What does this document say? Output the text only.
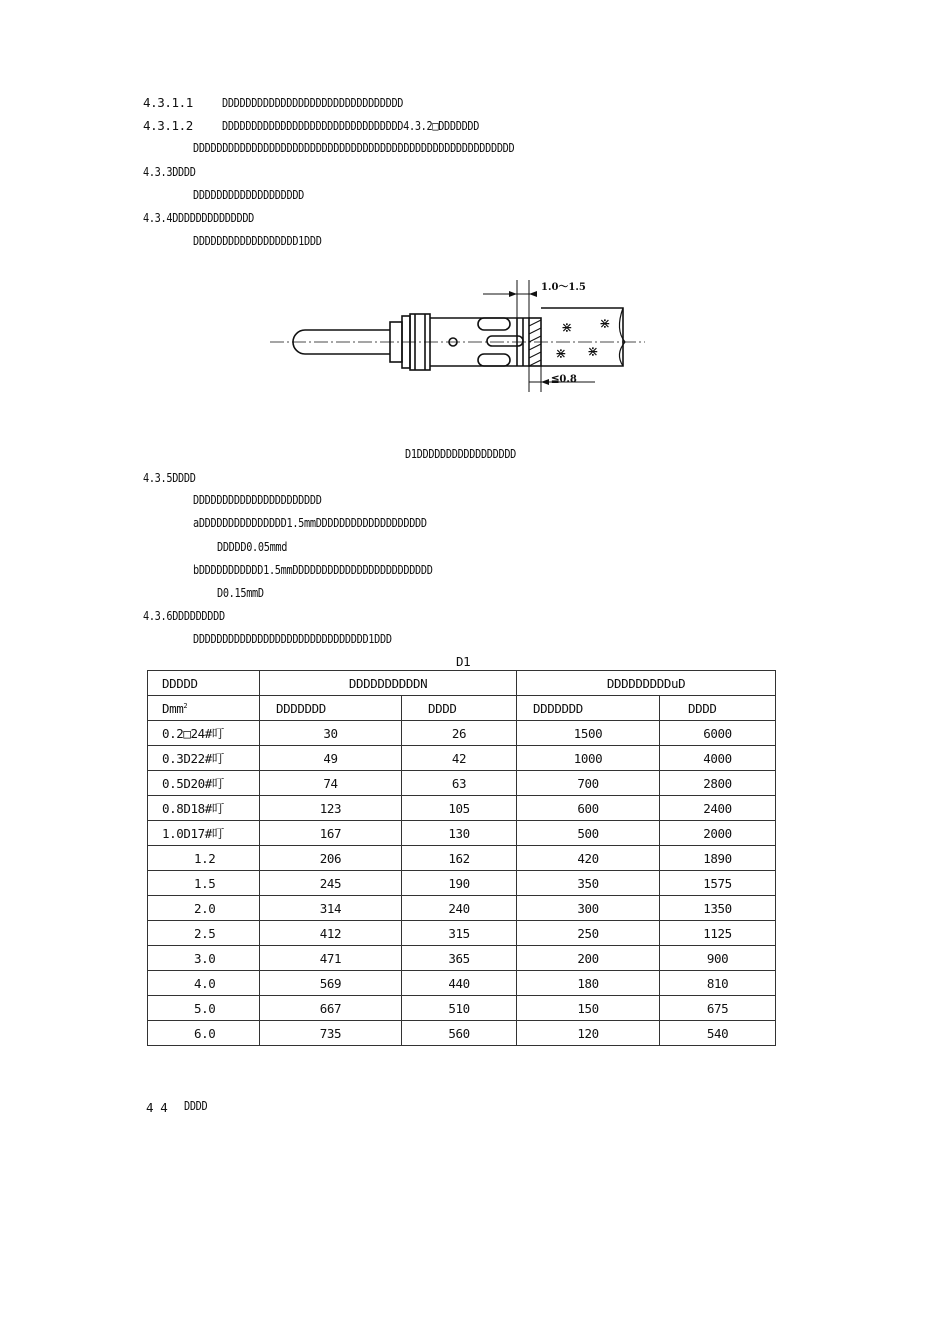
4.3.1.1 DDDDDDDDDDDDDDDDDDDDDDDDDDDDDDD
4.3.1.2 DDDDDDDDDDDDDDDDDDDDDDDDDDDDDDD4.3.2□DDDDDDD
DDDDDDDDDDDDDDDDDDDDDDDDDDDDDDDDDDDDDDDDDDDDDDDDDDDDDDD
4.3.3DDDD
DDDDDDDDDDDDDDDDDDD
4.3.4DDDDDDDDDDDDDD
DDDDDDDDDDDDDDDDDD1DDD
⋇ ⋇
⋇ ⋇
1.0～1.5
≦0.8
D1DDDDDDDDDDDDDDDDD
4.3.5DDDD
DDDDDDDDDDDDDDDDDDDDDD
aDDDDDDDDDDDDDDD1.5mmDDDDDDDDDDDDDDDDDDD
DDDDD0.05mmd
bDDDDDDDDDDD1.5mmDDDDDDDDDDDDDDDDDDDDDDDD
D0.15mmD
4.3.6DDDDDDDDD
DDDDDDDDDDDDDDDDDDDDDDDDDDDDDD1DDD
D1
DDDDD	DDDDDDDDDDN		DDDDDDDDDuD	
Dmm$^2$	DDDDDDD	DDDD	DDDDDDD	DDDD
0.2□24#叮	30	26	1500	6000
0.3D22#叮	49	42	1000	4000
0.5D20#叮	74	63	700	2800
0.8D18#叮	123	105	600	2400
1.0D17#叮	167	130	500	2000
1.2	206	162	420	1890
1.5	245	190	350	1575
2.0	314	240	300	1350
2.5	412	315	250	1125
3.0	471	365	200	900
4.0	569	440	180	810
5.0	667	510	150	675
6.0	735	560	120	540
4 4 DDDD
